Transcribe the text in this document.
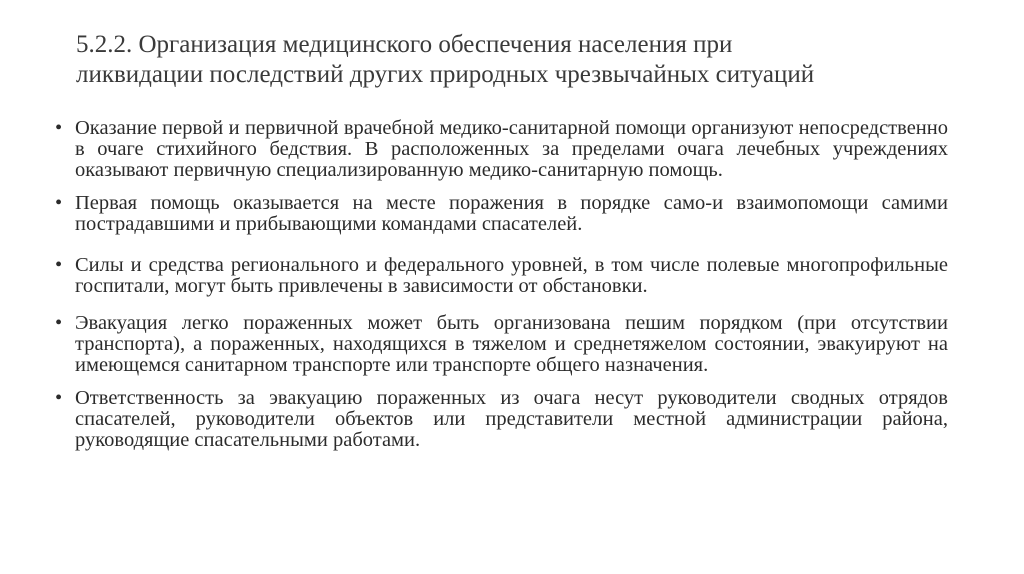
5.2.2. Организация медицинского обеспечения населения при
ликвидации последствий других природных чрезвычайных ситуаций
• Оказание первой и первичной врачебной медико-санитарной помощи организуют непосредственно в очаге стихийного бедствия. В расположенных за пределами очага лечебных учреждениях оказывают первичную специализированную медико-санитарную помощь.
• Первая помощь оказывается на месте поражения в порядке само-и взаимопомощи самими пострадавшими и прибывающими командами спасателей.
• Силы и средства регионального и федерального уровней, в том числе полевые многопрофильные госпитали, могут быть привлечены в зависимости от обстановки.
• Эвакуация легко пораженных может быть организована пешим порядком (при отсутствии транспорта), а пораженных, находящихся в тяжелом и среднетяжелом состоянии, эвакуируют на имеющемся санитарном транспорте или транспорте общего назначения.
• Ответственность за эвакуацию пораженных из очага несут руководители сводных отрядов спасателей, руководители объектов или представители местной администрации района, руководящие спасательными работами.
